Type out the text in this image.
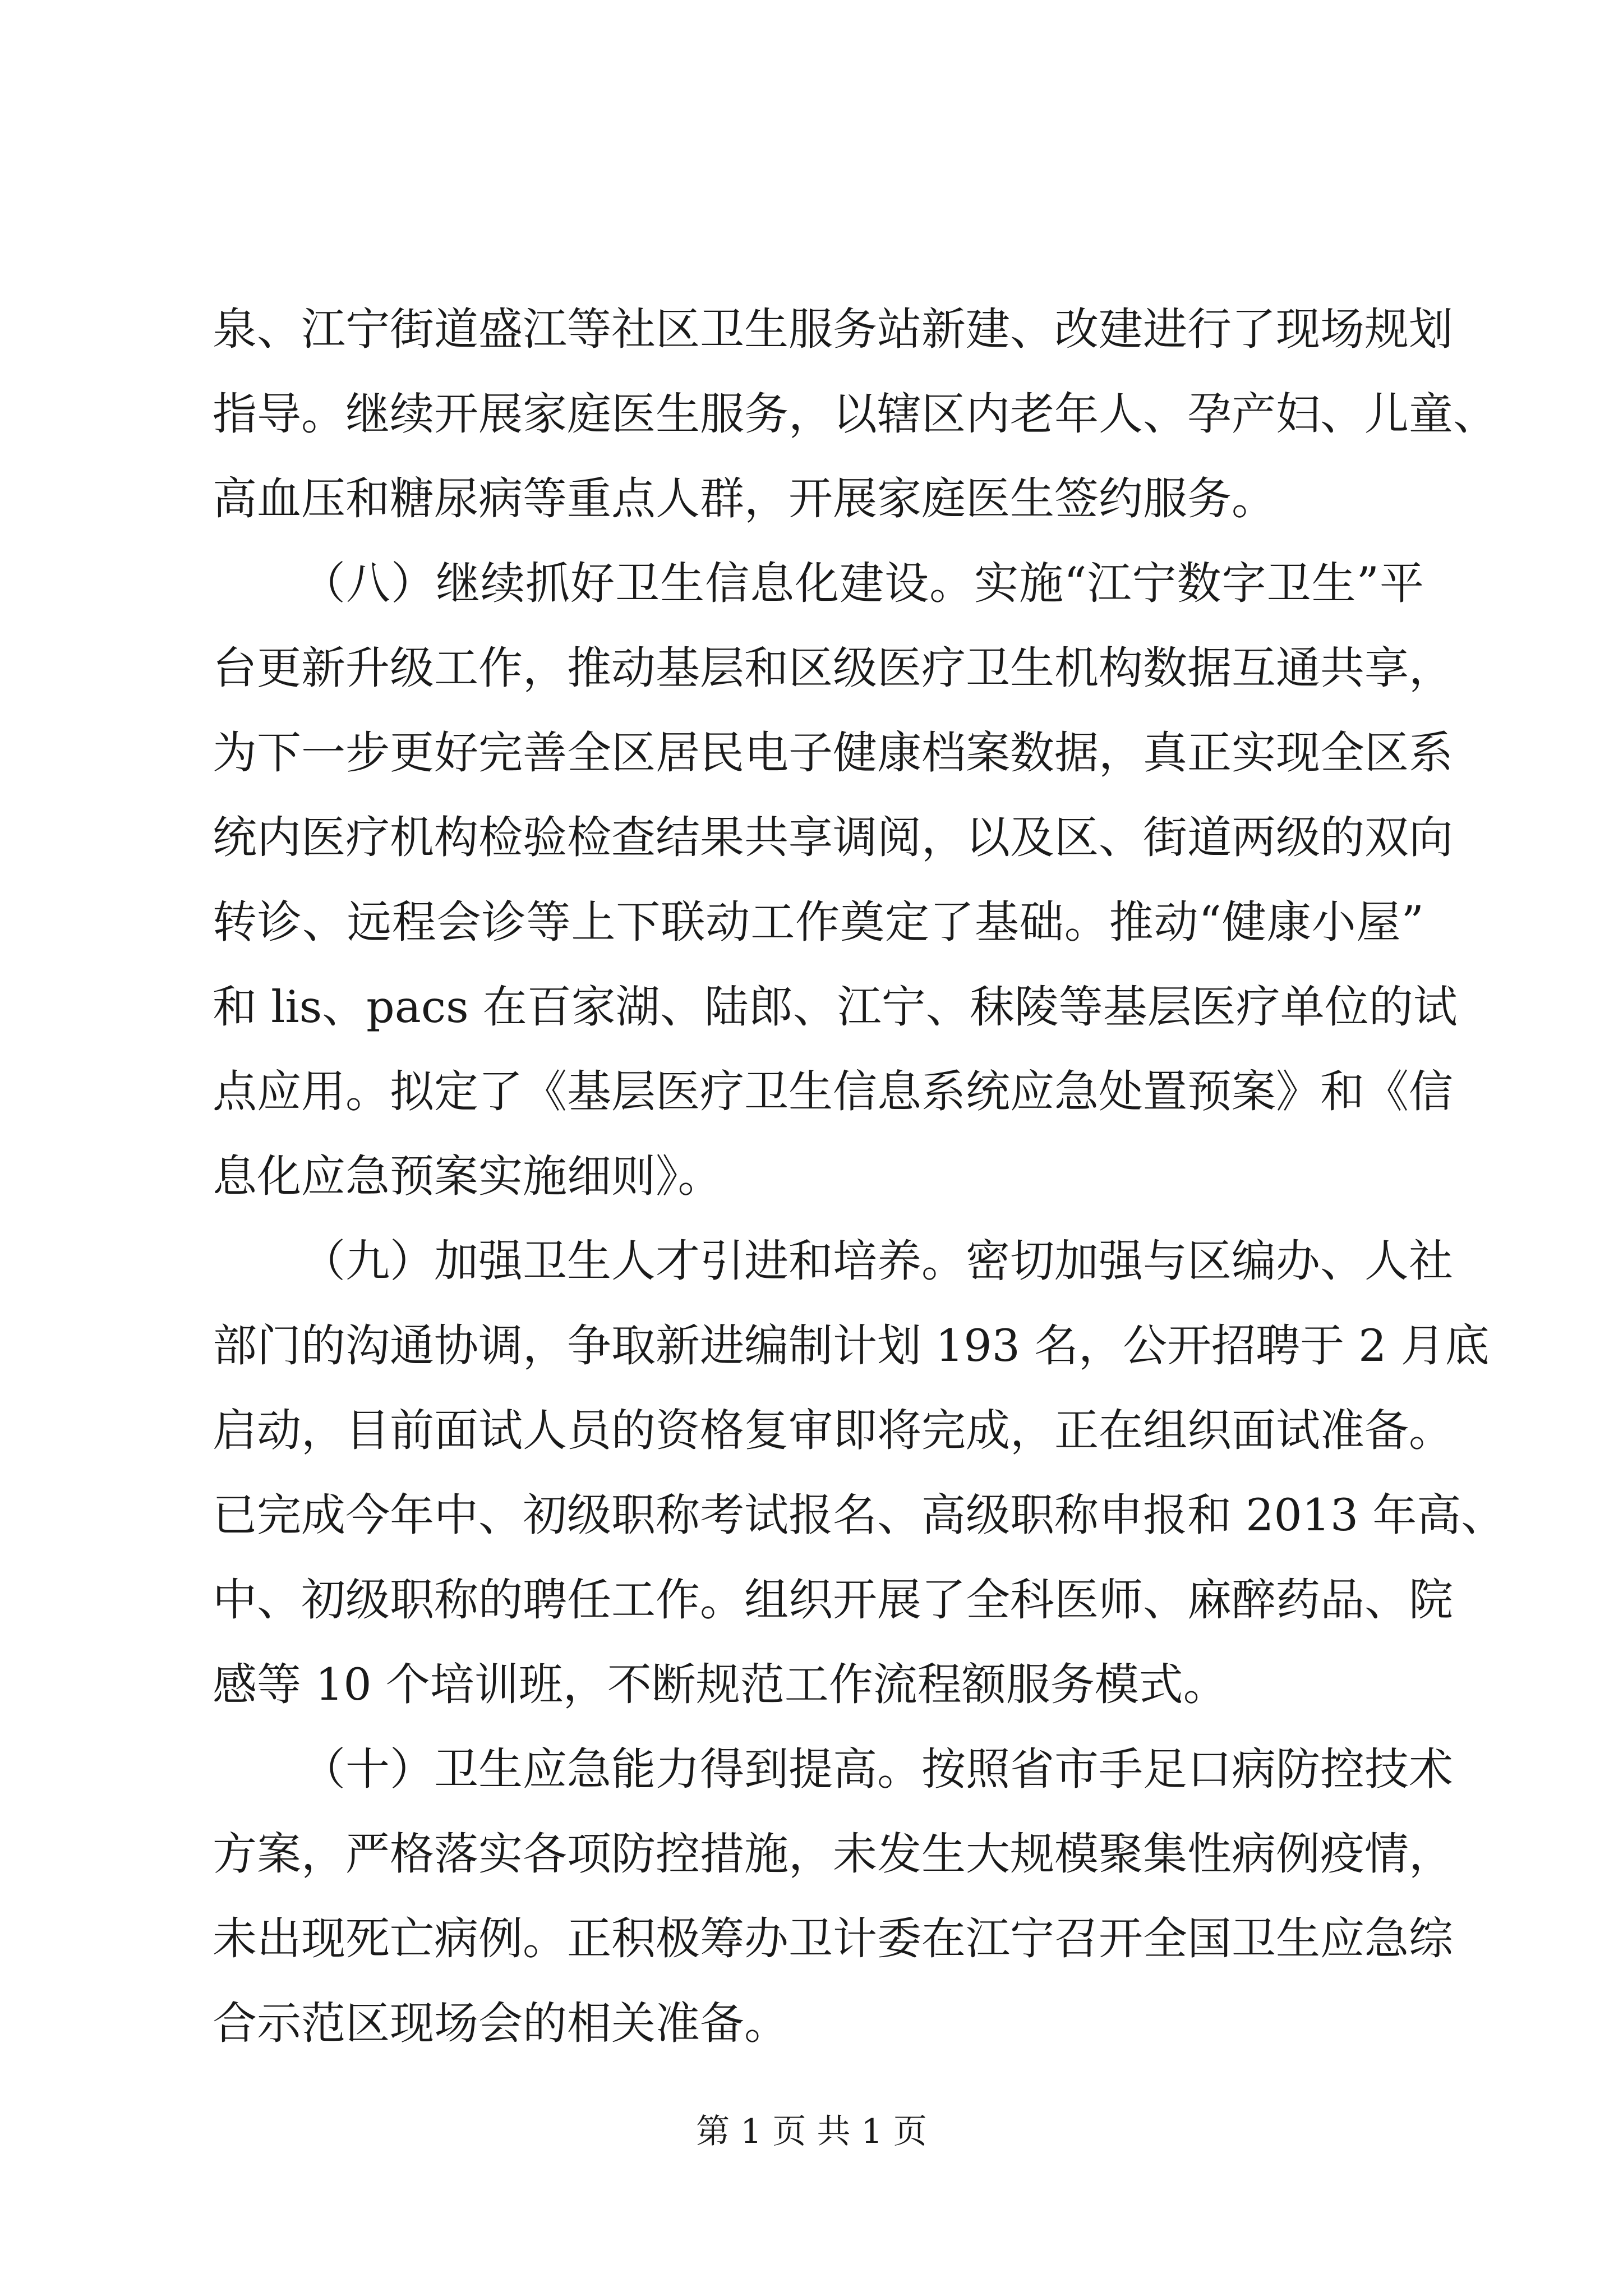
泉、江宁街道盛江等社区卫生服务站新建、改建进行了现场规划
指导。继续开展家庭医生服务，以辖区内老年人、孕产妇、儿童、
高血压和糖尿病等重点人群，开展家庭医生签约服务。
（八）继续抓好卫生信息化建设。实施“江宁数字卫生”平
台更新升级工作，推动基层和区级医疗卫生机构数据互通共享，
为下一步更好完善全区居民电子健康档案数据，真正实现全区系
统内医疗机构检验检查结果共享调阅，以及区、街道两级的双向
转诊、远程会诊等上下联动工作奠定了基础。推动“健康小屋”
和 lis、pacs 在百家湖、陆郎、江宁、秣陵等基层医疗单位的试
点应用。拟定了《基层医疗卫生信息系统应急处置预案》和《信
息化应急预案实施细则》。
（九）加强卫生人才引进和培养。密切加强与区编办、人社
部门的沟通协调，争取新进编制计划 193 名，公开招聘于 2 月底
启动，目前面试人员的资格复审即将完成，正在组织面试准备。
已完成今年中、初级职称考试报名、高级职称申报和 2013 年高、
中、初级职称的聘任工作。组织开展了全科医师、麻醉药品、院
感等 10 个培训班，不断规范工作流程额服务模式。
（十）卫生应急能力得到提高。按照省市手足口病防控技术
方案，严格落实各项防控措施，未发生大规模聚集性病例疫情，
未出现死亡病例。正积极筹办卫计委在江宁召开全国卫生应急综
合示范区现场会的相关准备。
第 1 页 共 1 页
